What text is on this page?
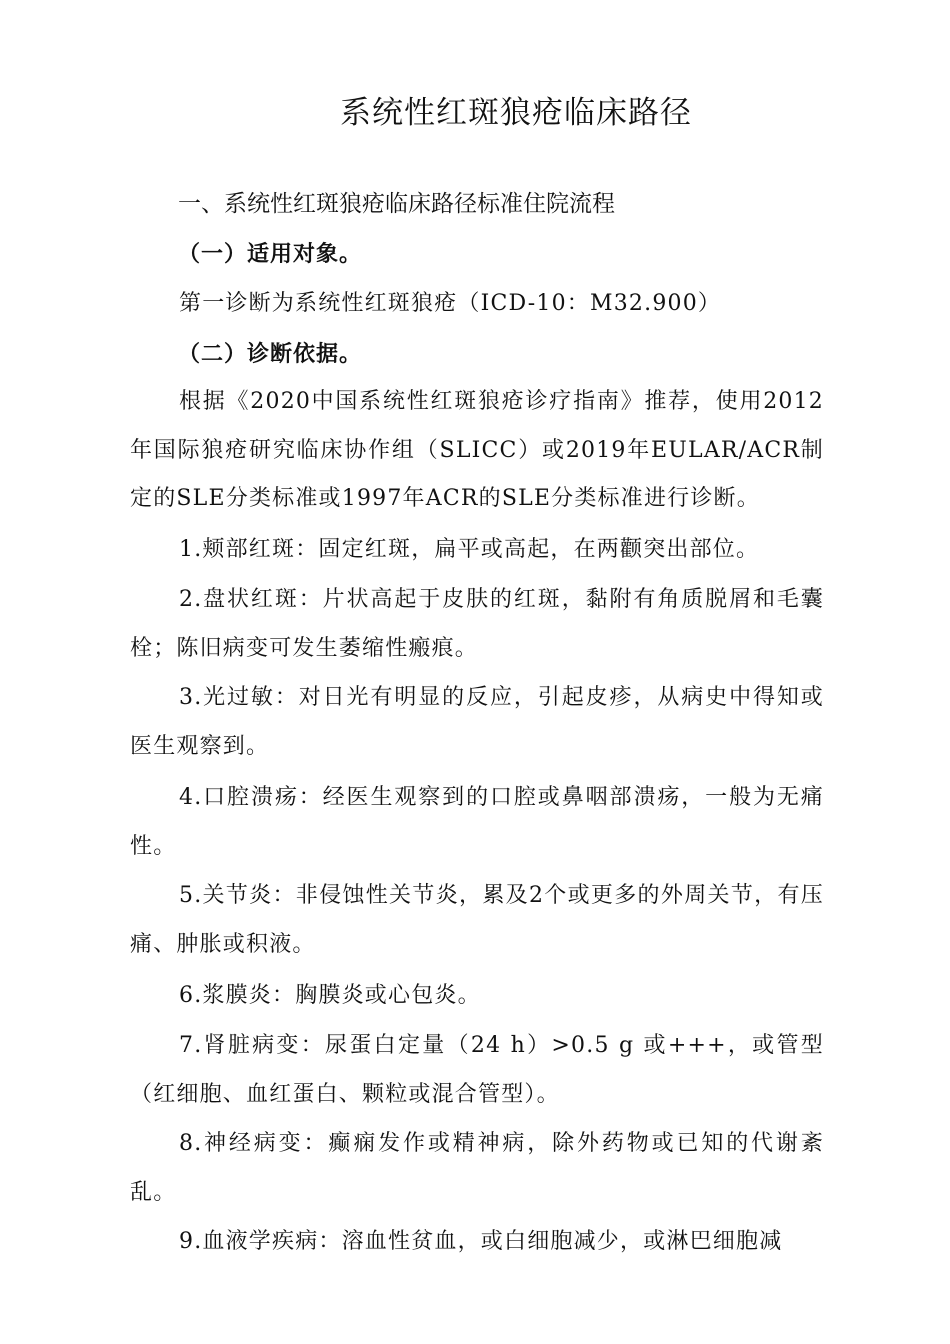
系统性红斑狼疮临床路径
一、系统性红斑狼疮临床路径标准住院流程
（一）适用对象。

第一诊断为系统性红斑狼疮（ICD-10：M32.900）

（二）诊断依据。

根据《2020中国系统性红斑狼疮诊疗指南》推荐，使用2012年国际狼疮研究临床协作组（SLICC）或2019年EULAR/ACR制定的SLE分类标准或1997年ACR的SLE分类标准进行诊断。

1.颊部红斑：固定红斑，扁平或高起，在两颧突出部位。

2.盘状红斑：片状高起于皮肤的红斑，黏附有角质脱屑和毛囊栓；陈旧病变可发生萎缩性瘢痕。

3.光过敏：对日光有明显的反应，引起皮疹，从病史中得知或医生观察到。

4.口腔溃疡：经医生观察到的口腔或鼻咽部溃疡，一般为无痛性。

5.关节炎：非侵蚀性关节炎，累及2个或更多的外周关节，有压痛、肿胀或积液。

6.浆膜炎：胸膜炎或心包炎。

7.肾脏病变：尿蛋白定量（24 h）>0.5 g 或+++，或管型（红细胞、血红蛋白、颗粒或混合管型）。

8.神经病变：癫痫发作或精神病，除外药物或已知的代谢紊乱。

9.血液学疾病：溶血性贫血，或白细胞减少，或淋巴细胞减
